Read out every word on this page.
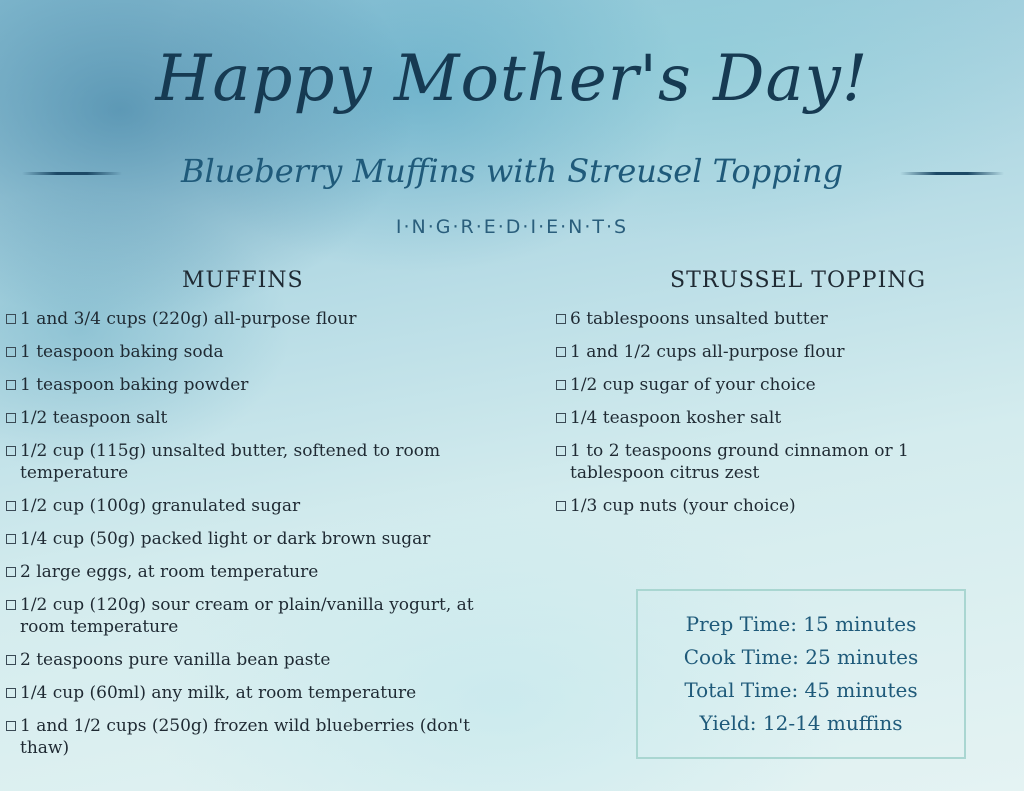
Happy Mother's Day!
Blueberry Muffins with Streusel Topping
I·N·G·R·E·D·I·E·N·T·S
MUFFINS
1 and 3/4 cups (220g) all-purpose flour
1 teaspoon baking soda
1 teaspoon baking powder
1/2 teaspoon salt
1/2 cup (115g) unsalted butter, softened to room temperature
1/2 cup (100g) granulated sugar
1/4 cup (50g) packed light or dark brown sugar
2 large eggs, at room temperature
1/2 cup (120g) sour cream or plain/vanilla yogurt, at room temperature
2 teaspoons pure vanilla bean paste
1/4 cup (60ml) any milk, at room temperature
1 and 1/2 cups (250g) frozen wild blueberries (don't thaw)
STRUSSEL TOPPING
6 tablespoons unsalted butter
1 and 1/2 cups all-purpose flour
1/2 cup sugar of your choice
1/4 teaspoon kosher salt
1 to 2 teaspoons ground cinnamon or 1 tablespoon citrus zest
1/3 cup nuts (your choice)
Prep Time: 15 minutes
Cook Time: 25 minutes
Total Time: 45 minutes
Yield: 12-14 muffins
